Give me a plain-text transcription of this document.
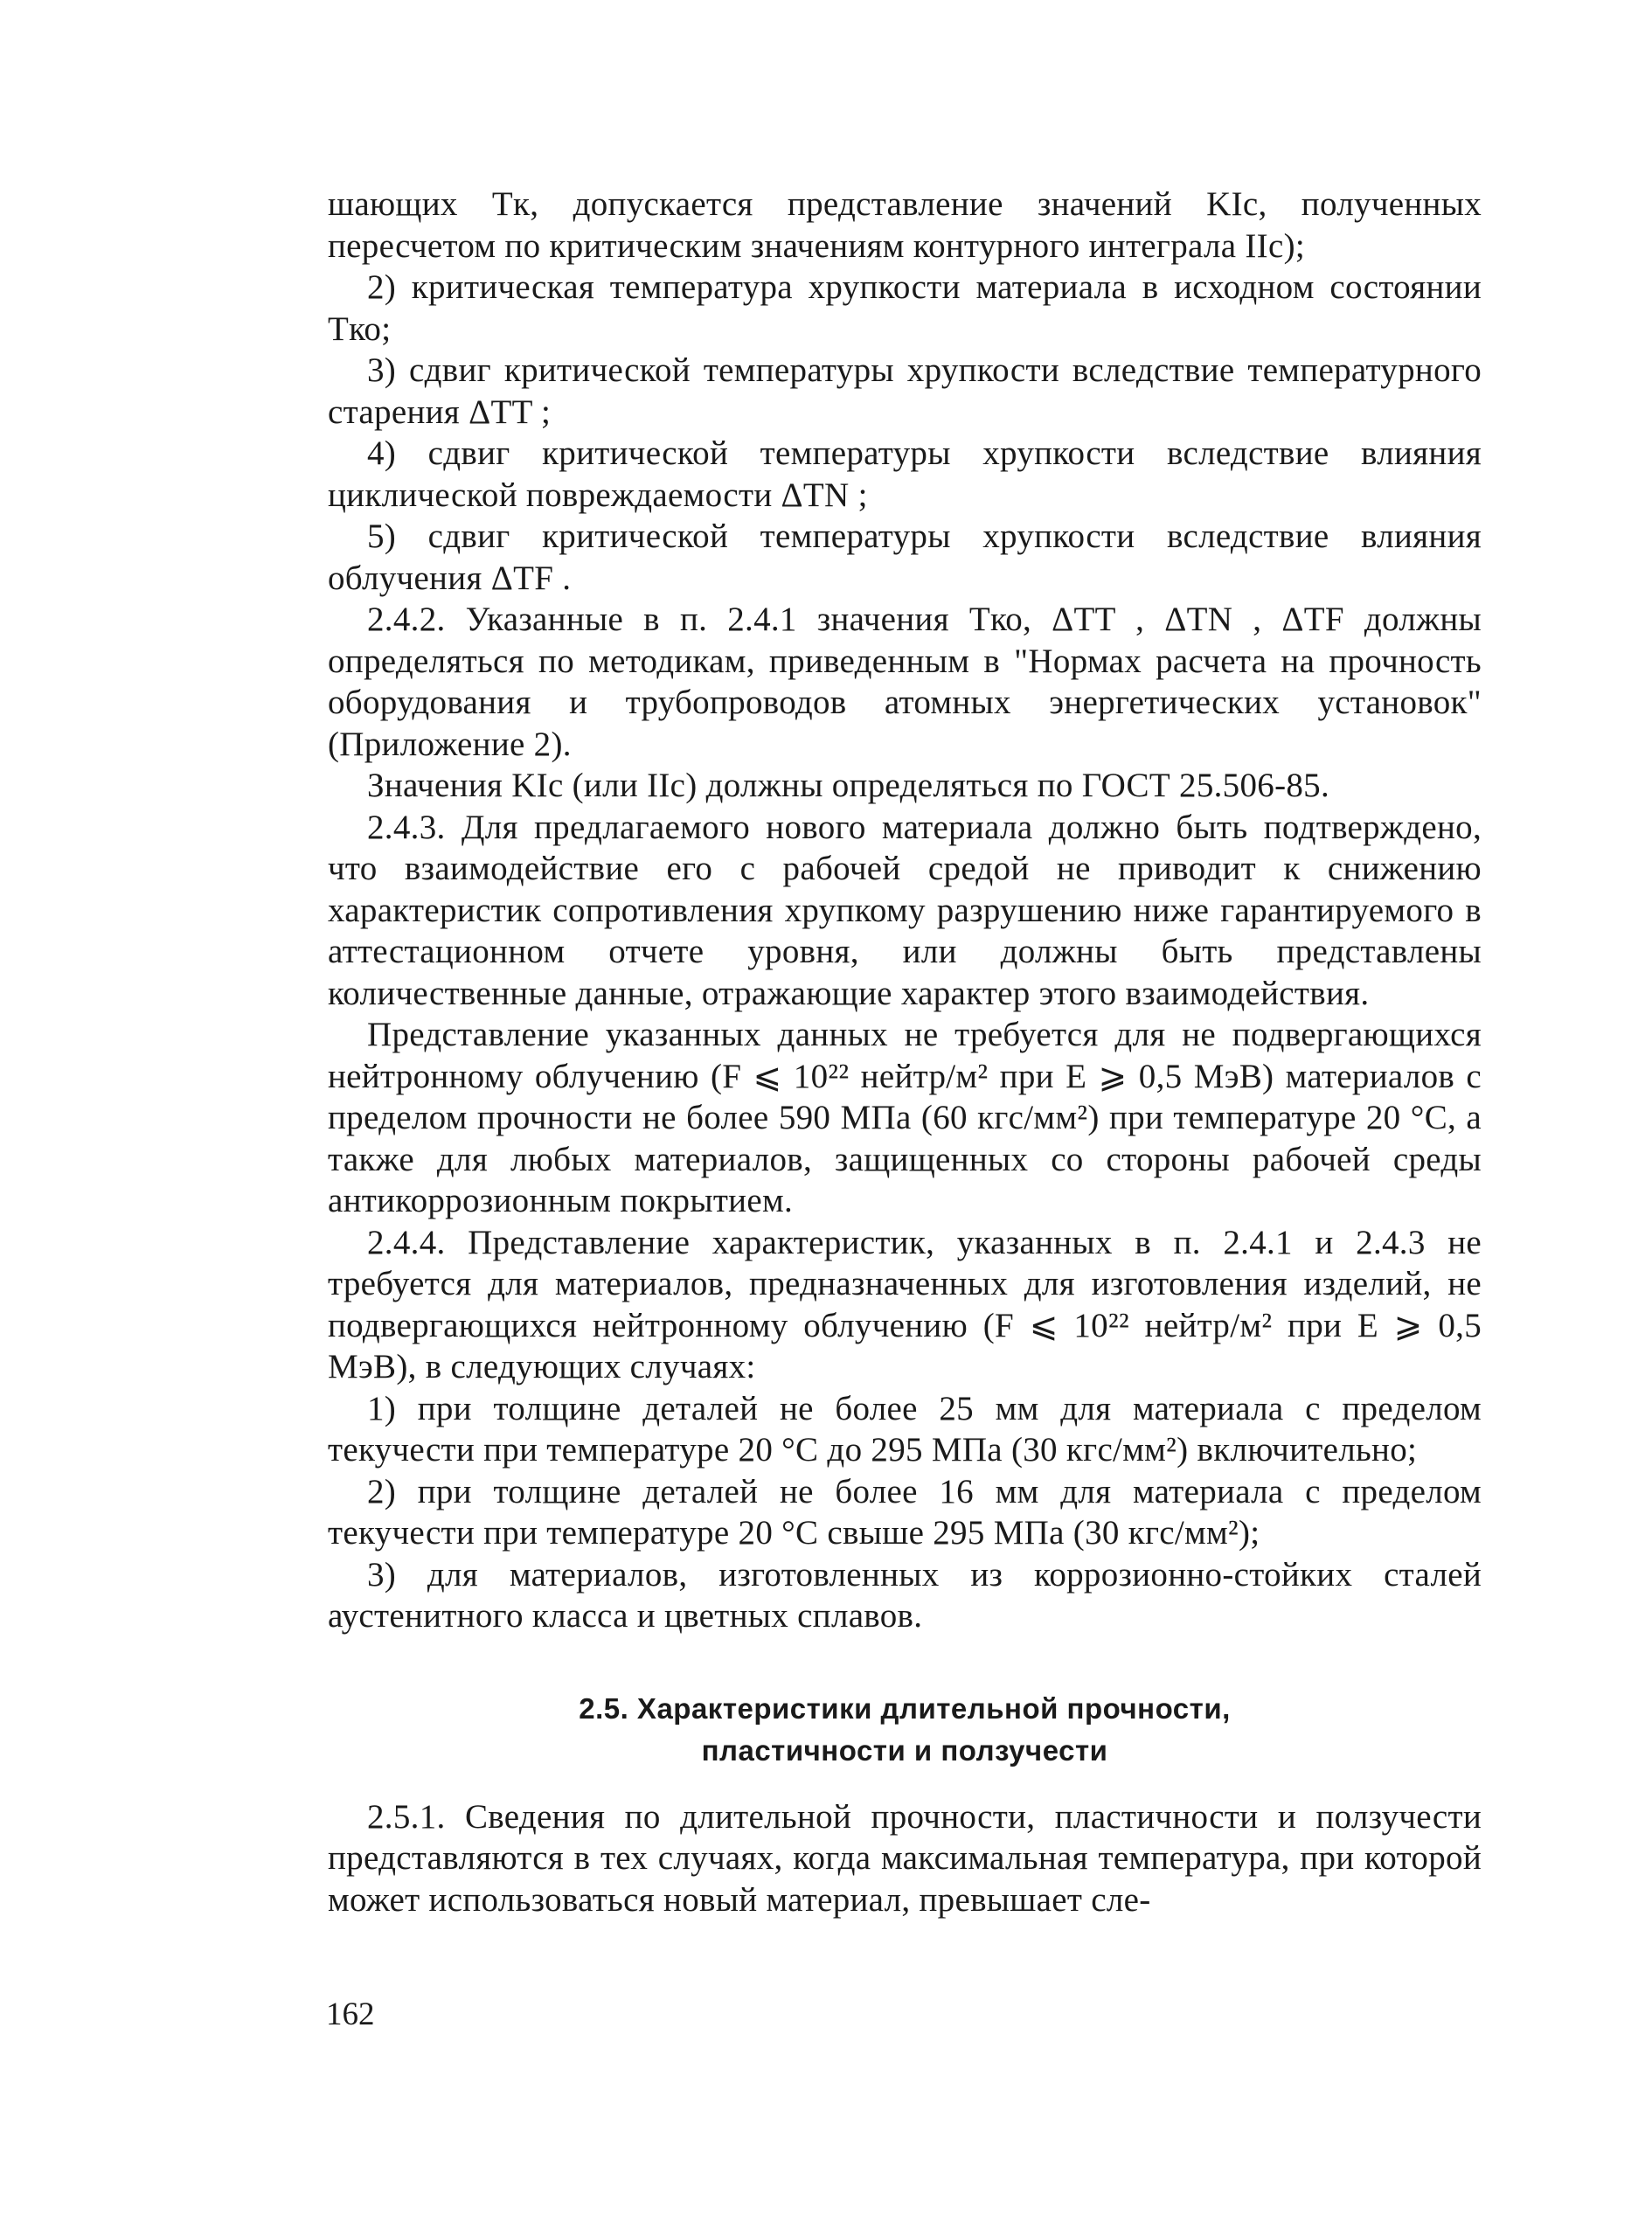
шающих Tк, допускается представление значений KIc, полученных пересчетом по критическим значениям контурного интеграла IIc);

2) критическая температура хрупкости материала в исходном состоянии Tко;

3) сдвиг критической температуры хрупкости вследствие температурного старения ΔTT ;

4) сдвиг критической температуры хрупкости вследствие влияния циклической повреждаемости ΔTN ;

5) сдвиг критической температуры хрупкости вследствие влияния облучения ΔTF .

2.4.2. Указанные в п. 2.4.1 значения Tко, ΔTT , ΔTN , ΔTF должны определяться по методикам, приведенным в "Нормах расчета на прочность оборудования и трубопроводов атомных энергетических установок" (Приложение 2).

Значения KIc (или IIc) должны определяться по ГОСТ 25.506-85.

2.4.3. Для предлагаемого нового материала должно быть подтверждено, что взаимодействие его с рабочей средой не приводит к снижению характеристик сопротивления хрупкому разрушению ниже гарантируемого в аттестационном отчете уровня, или должны быть представлены количественные данные, отражающие характер этого взаимодействия.

Представление указанных данных не требуется для не подвергающихся нейтронному облучению (F ⩽ 10²² нейтр/м² при E ⩾ 0,5 МэВ) материалов с пределом прочности не более 590 МПа (60 кгс/мм²) при температуре 20 °С, а также для любых материалов, защищенных со стороны рабочей среды антикоррозионным покрытием.

2.4.4. Представление характеристик, указанных в п. 2.4.1 и 2.4.3 не требуется для материалов, предназначенных для изготовления изделий, не подвергающихся нейтронному облучению (F ⩽ 10²² нейтр/м² при E ⩾ 0,5 МэВ), в следующих случаях:

1) при толщине деталей не более 25 мм для материала с пределом текучести при температуре 20 °С до 295 МПа (30 кгс/мм²) включительно;

2) при толщине деталей не более 16 мм для материала с пределом текучести при температуре 20 °С свыше 295 МПа (30 кгс/мм²);

3) для материалов, изготовленных из коррозионно-стойких сталей аустенитного класса и цветных сплавов.

2.5. Характеристики длительной прочности,
пластичности и ползучести

2.5.1. Сведения по длительной прочности, пластичности и ползучести представляются в тех случаях, когда максимальная температура, при которой может использоваться новый материал, превышает сле-

162
